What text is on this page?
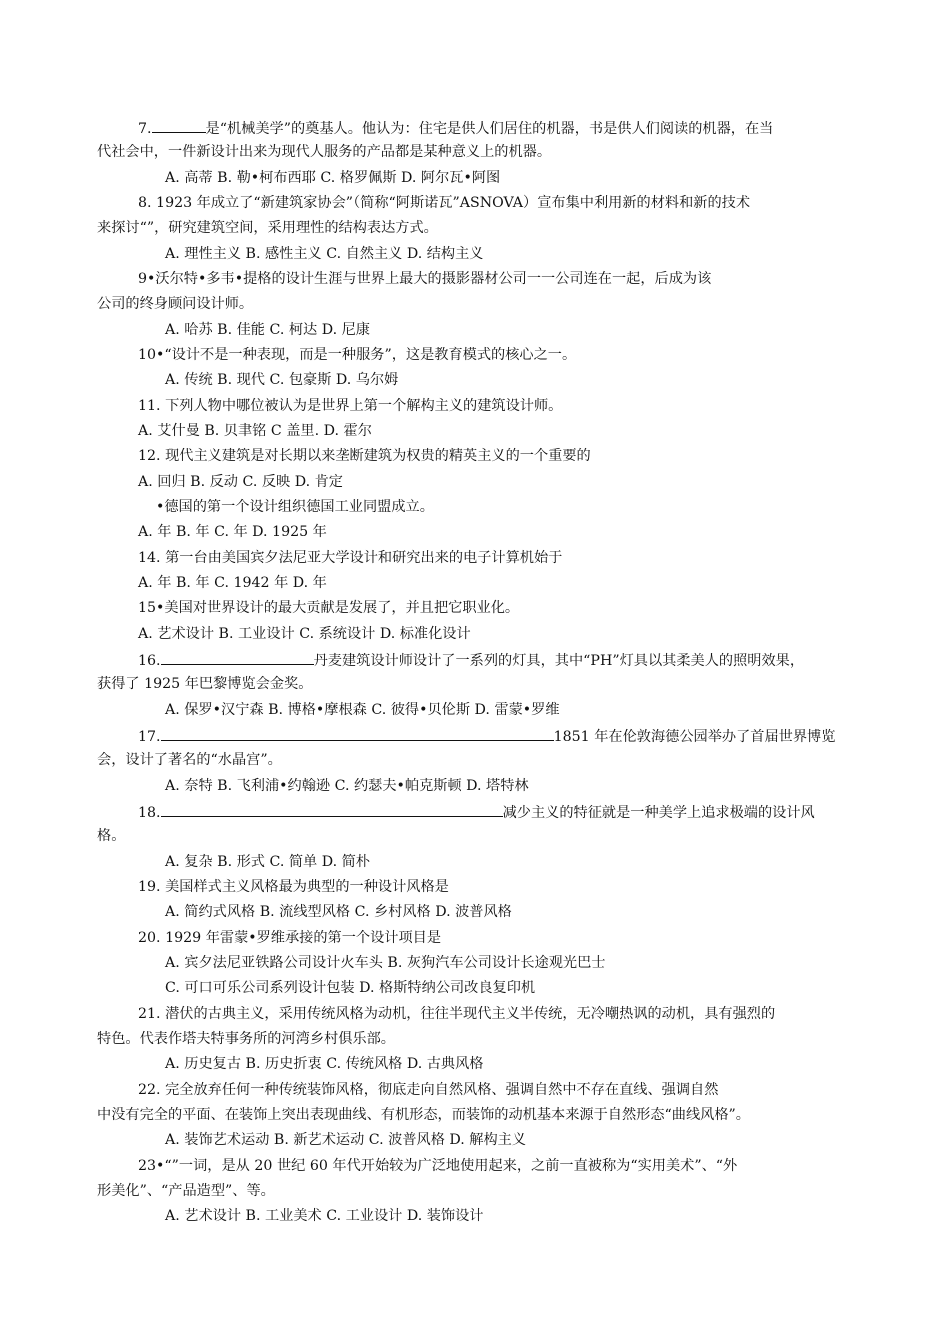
7.	是“机械美学”的奠基人。他认为：住宅是供人们居住的机器，书是供人们阅读的机器，在当
代社会中，一件新设计出来为现代人服务的产品都是某种意义上的机器。
A. 高蒂 B. 勒•柯布西耶 C. 格罗佩斯 D. 阿尔瓦•阿图
8. 1923 年成立了“新建筑家协会”（简称“阿斯诺瓦”ASNOVA）宣布集中利用新的材料和新的技术
来探讨“”，研究建筑空间，采用理性的结构表达方式。
A. 理性主义 B. 感性主义 C. 自然主义 D. 结构主义
9•沃尔特•多韦•提格的设计生涯与世界上最大的摄影器材公司一一公司连在一起，后成为该
公司的终身顾问设计师。
A. 哈苏 B. 佳能 C. 柯达 D. 尼康
10•“设计不是一种表现，而是一种服务”，这是教育模式的核心之一。
A. 传统 B. 现代 C. 包豪斯 D. 乌尔姆
11. 下列人物中哪位被认为是世界上第一个解构主义的建筑设计师。
A. 艾什曼 B. 贝聿铭 C 盖里. D. 霍尔
12. 现代主义建筑是对长期以来垄断建筑为权贵的精英主义的一个重要的
A. 回归 B. 反动 C. 反映 D. 肯定
•德国的第一个设计组织德国工业同盟成立。
A. 年 B. 年 C. 年 D. 1925 年
14. 第一台由美国宾夕法尼亚大学设计和研究出来的电子计算机始于
A. 年 B. 年 C. 1942 年 D. 年
15•美国对世界设计的最大贡献是发展了，并且把它职业化。
A. 艺术设计 B. 工业设计 C. 系统设计 D. 标准化设计
16.	丹麦建筑设计师设计了一系列的灯具，其中“PH”灯具以其柔美人的照明效果，
获得了 1925 年巴黎博览会金奖。
A. 保罗•汉宁森 B. 博格•摩根森 C. 彼得•贝伦斯 D. 雷蒙•罗维
17.	1851 年在伦敦海德公园举办了首届世界博览
会，设计了著名的“水晶宫”。
A. 奈特 B. 飞利浦•约翰逊 C. 约瑟夫•帕克斯顿 D. 塔特林
18.	减少主义的特征就是一种美学上追求极端的设计风
格。
A. 复杂 B. 形式 C. 简单 D. 简朴
19. 美国样式主义风格最为典型的一种设计风格是
A. 简约式风格 B. 流线型风格 C. 乡村风格 D. 波普风格
20. 1929 年雷蒙•罗维承接的第一个设计项目是
A. 宾夕法尼亚铁路公司设计火车头 B. 灰狗汽车公司设计长途观光巴士
C. 可口可乐公司系列设计包装 D. 格斯特纳公司改良复印机
21. 潜伏的古典主义，采用传统风格为动机，往往半现代主义半传统，无冷嘲热讽的动机，具有强烈的
特色。代表作塔夫特事务所的河湾乡村俱乐部。
A. 历史复古 B. 历史折衷 C. 传统风格 D. 古典风格
22. 完全放弃任何一种传统装饰风格，彻底走向自然风格、强调自然中不存在直线、强调自然
中没有完全的平面、在装饰上突出表现曲线、有机形态，而装饰的动机基本来源于自然形态“曲线风格”。
A. 装饰艺术运动 B. 新艺术运动 C. 波普风格 D. 解构主义
23•“”一词，是从 20 世纪 60 年代开始较为广泛地使用起来，之前一直被称为“实用美术”、“外
形美化”、“产品造型”、等。
A. 艺术设计 B. 工业美术 C. 工业设计 D. 装饰设计
